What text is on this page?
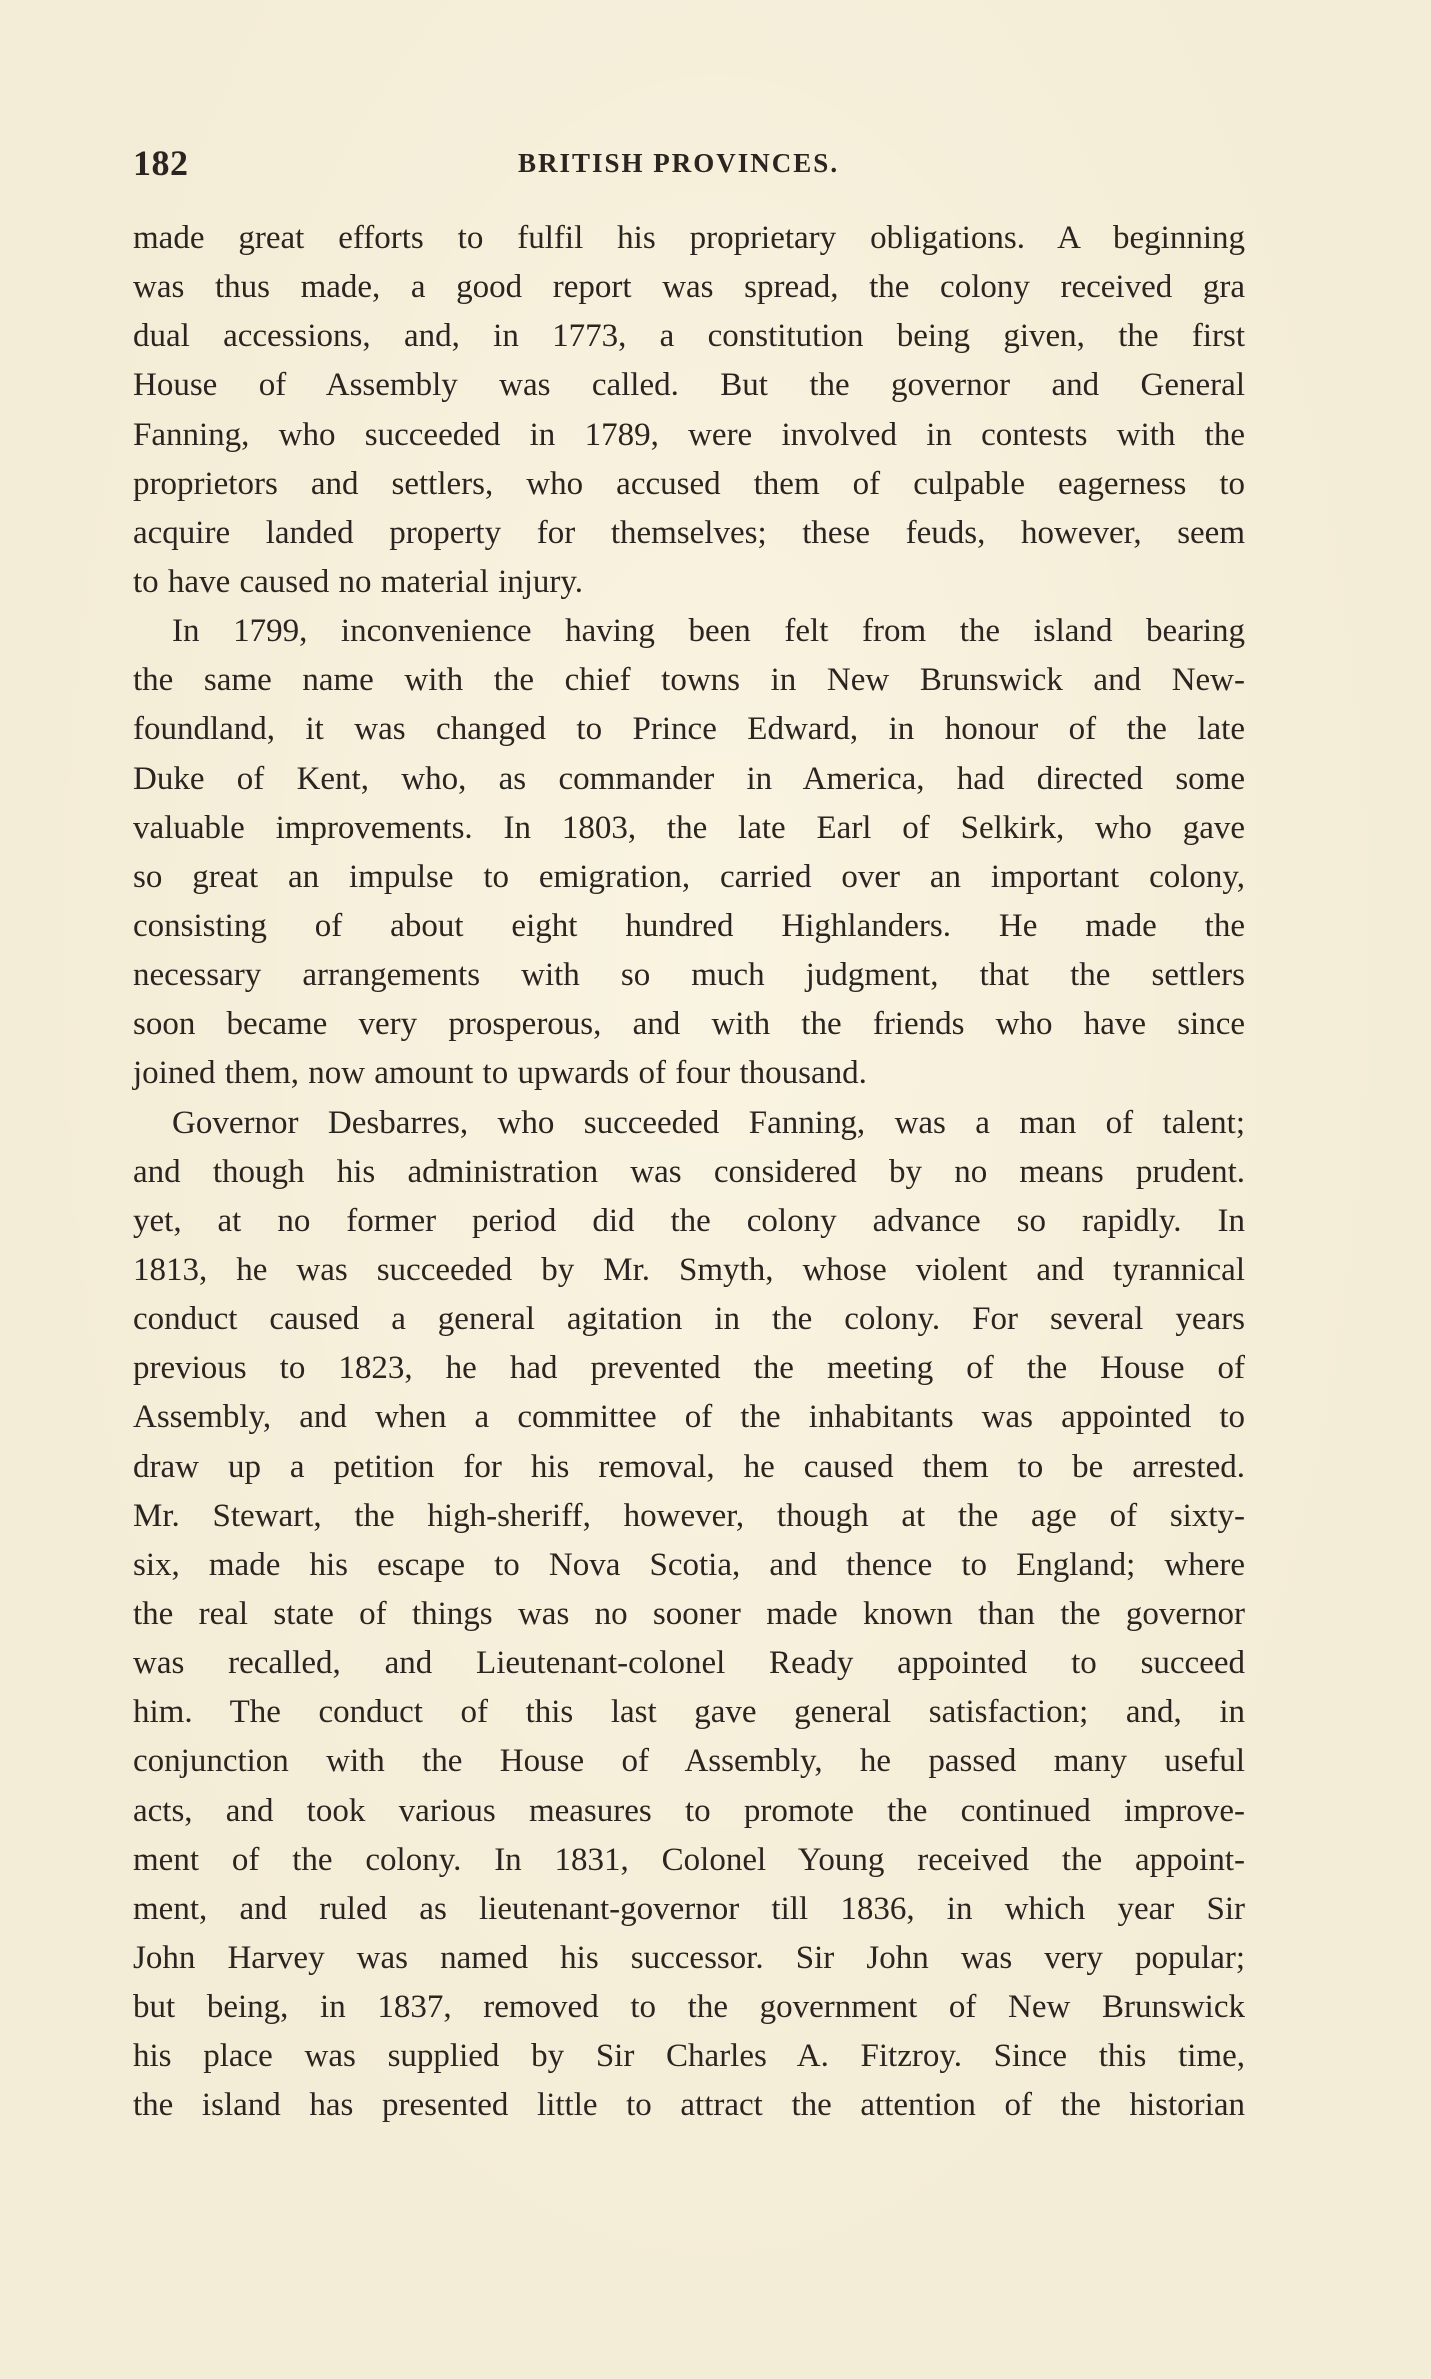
182	BRITISH PROVINCES.
made great efforts to fulfil his proprietary obligations. A beginning
was thus made, a good report was spread, the colony received gra
dual accessions, and, in 1773, a constitution being given, the first
House of Assembly was called. But the governor and General
Fanning, who succeeded in 1789, were involved in contests with the
proprietors and settlers, who accused them of culpable eagerness to
acquire landed property for themselves; these feuds, however, seem
to have caused no material injury.
In 1799, inconvenience having been felt from the island bearing
the same name with the chief towns in New Brunswick and New-
foundland, it was changed to Prince Edward, in honour of the late
Duke of Kent, who, as commander in America, had directed some
valuable improvements. In 1803, the late Earl of Selkirk, who gave
so great an impulse to emigration, carried over an important colony,
consisting of about eight hundred Highlanders. He made the
necessary arrangements with so much judgment, that the settlers
soon became very prosperous, and with the friends who have since
joined them, now amount to upwards of four thousand.
Governor Desbarres, who succeeded Fanning, was a man of talent;
and though his administration was considered by no means prudent.
yet, at no former period did the colony advance so rapidly. In
1813, he was succeeded by Mr. Smyth, whose violent and tyrannical
conduct caused a general agitation in the colony. For several years
previous to 1823, he had prevented the meeting of the House of
Assembly, and when a committee of the inhabitants was appointed to
draw up a petition for his removal, he caused them to be arrested.
Mr. Stewart, the high-sheriff, however, though at the age of sixty-
six, made his escape to Nova Scotia, and thence to England; where
the real state of things was no sooner made known than the governor
was recalled, and Lieutenant-colonel Ready appointed to succeed
him. The conduct of this last gave general satisfaction; and, in
conjunction with the House of Assembly, he passed many useful
acts, and took various measures to promote the continued improve-
ment of the colony. In 1831, Colonel Young received the appoint-
ment, and ruled as lieutenant-governor till 1836, in which year Sir
John Harvey was named his successor. Sir John was very popular;
but being, in 1837, removed to the government of New Brunswick
his place was supplied by Sir Charles A. Fitzroy. Since this time,
the island has presented little to attract the attention of the historian
